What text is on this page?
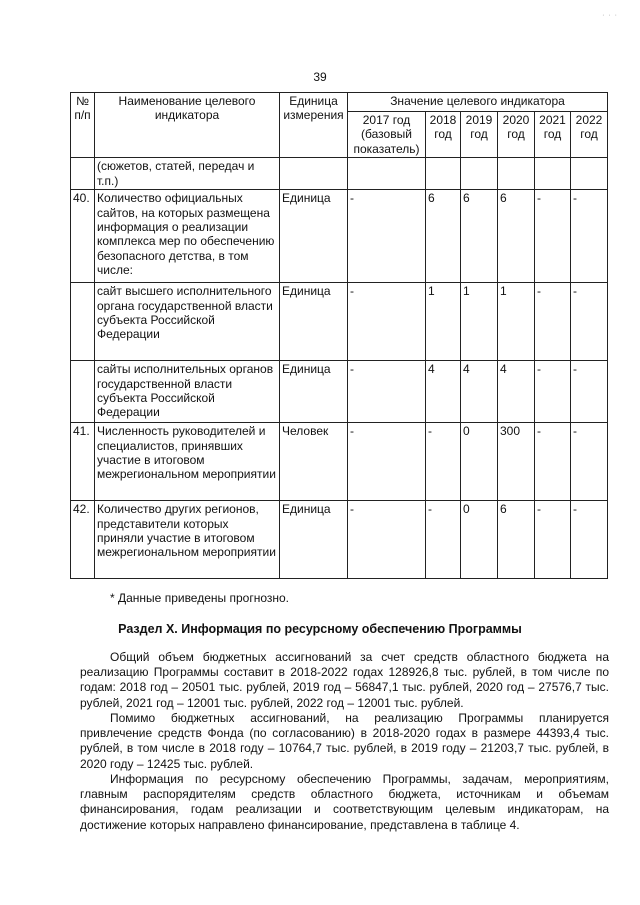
· · ·
39
№ п/п	Наименование целевого индикатора	Единица измерения	Значение целевого индикатора					
			2017 год (базовый показатель)	2018 год	2019 год	2020 год	2021 год	2022 год
	(сюжетов, статей, передач и т.п.)							
40.	Количество официальных сайтов, на которых размещена информация о реализации комплекса мер по обеспечению безопасного детства, в том числе:	Единица	-	6	6	6	-	-
	сайт высшего исполнительного органа государственной власти субъекта Российской Федерации	Единица	-	1	1	1	-	-
	сайты исполнительных органов государственной власти субъекта Российской Федерации	Единица	-	4	4	4	-	-
41.	Численность руководителей и специалистов, принявших участие в итоговом межрегиональном мероприятии	Человек	-	-	0	300	-	-
42.	Количество других регионов, представители которых приняли участие в итоговом межрегиональном мероприятии	Единица	-	-	0	6	-	-
* Данные приведены прогнозно.
Раздел X. Информация по ресурсному обеспечению Программы

Общий объем бюджетных ассигнований за счет средств областного бюджета на реализацию Программы составит в 2018-2022 годах 128926,8 тыс. рублей, в том числе по годам: 2018 год – 20501 тыс. рублей, 2019 год – 56847,1 тыс. рублей, 2020 год – 27576,7 тыс. рублей, 2021 год – 12001 тыс. рублей, 2022 год – 12001 тыс. рублей.

Помимо бюджетных ассигнований, на реализацию Программы планируется привлечение средств Фонда (по согласованию) в 2018-2020 годах в размере 44393,4 тыс. рублей, в том числе в 2018 году – 10764,7 тыс. рублей, в 2019 году – 21203,7 тыс. рублей, в 2020 году – 12425 тыс. рублей.

Информация по ресурсному обеспечению Программы, задачам, мероприятиям, главным распорядителям средств областного бюджета, источникам и объемам финансирования, годам реализации и соответствующим целевым индикаторам, на достижение которых направлено финансирование, представлена в таблице 4.
